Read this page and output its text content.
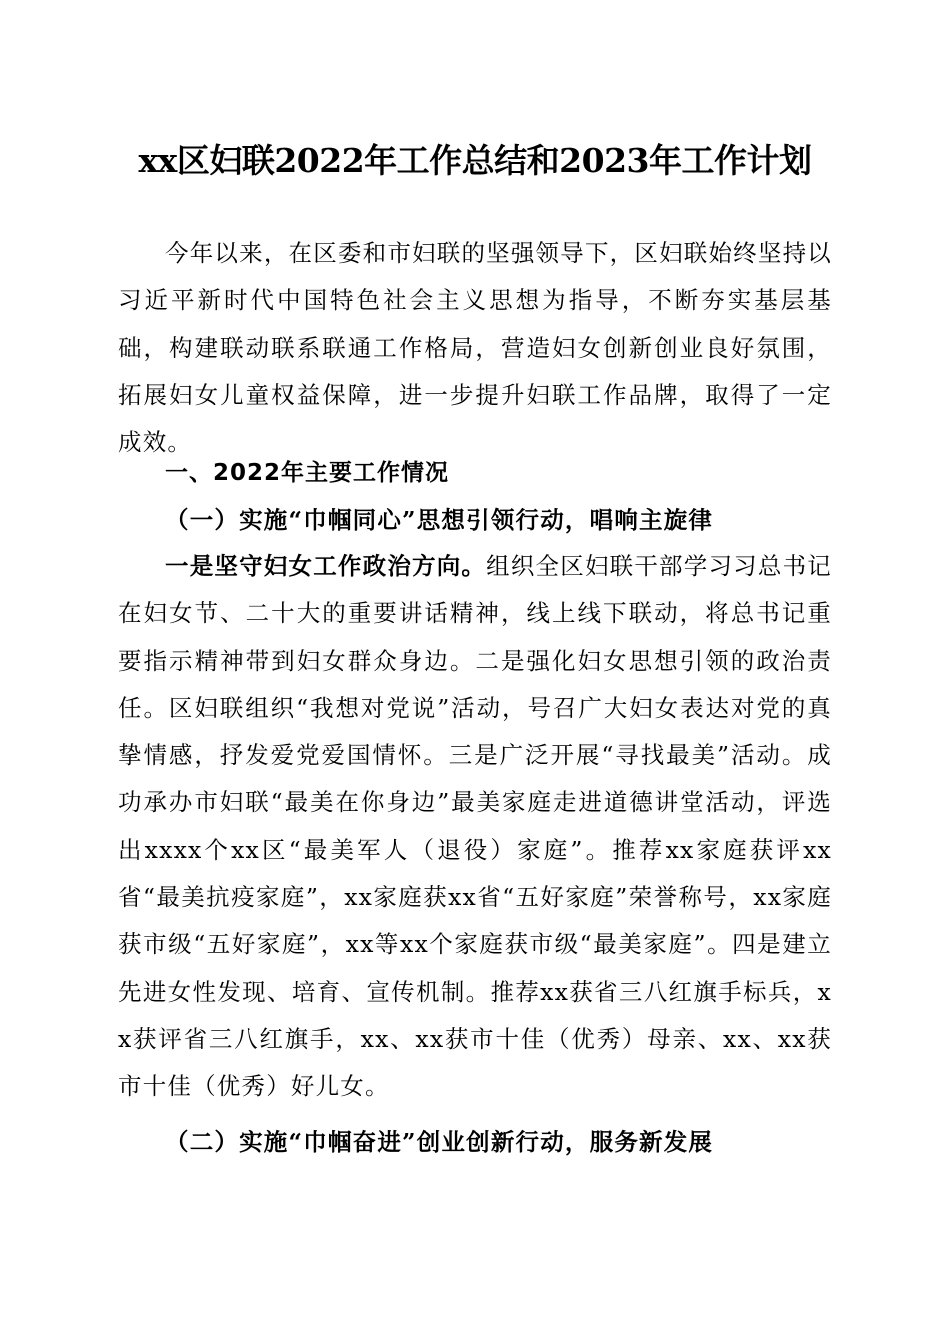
xx区妇联2022年工作总结和2023年工作计划

今年以来，在区委和市妇联的坚强领导下，区妇联始终坚持以习近平新时代中国特色社会主义思想为指导，不断夯实基层基础，构建联动联系联通工作格局，营造妇女创新创业良好氛围，拓展妇女儿童权益保障，进一步提升妇联工作品牌，取得了一定成效。

一、2022年主要工作情况
（一）实施“巾帼同心”思想引领行动，唱响主旋律

一是坚守妇女工作政治方向。组织全区妇联干部学习习总书记在妇女节、二十大的重要讲话精神，线上线下联动，将总书记重要指示精神带到妇女群众身边。二是强化妇女思想引领的政治责任。区妇联组织“我想对党说”活动，号召广大妇女表达对党的真挚情感，抒发爱党爱国情怀。三是广泛开展“寻找最美”活动。成功承办市妇联“最美在你身边”最美家庭走进道德讲堂活动，评选出xxxx个xx区“最美军人（退役）家庭”。推荐xx家庭获评xx省“最美抗疫家庭”，xx家庭获xx省“五好家庭”荣誉称号，xx家庭获市级“五好家庭”，xx等xx个家庭获市级“最美家庭”。四是建立先进女性发现、培育、宣传机制。推荐xx获省三八红旗手标兵，xx获评省三八红旗手，xx、xx获市十佳（优秀）母亲、xx、xx获市十佳（优秀）好儿女。

（二）实施“巾帼奋进”创业创新行动，服务新发展
